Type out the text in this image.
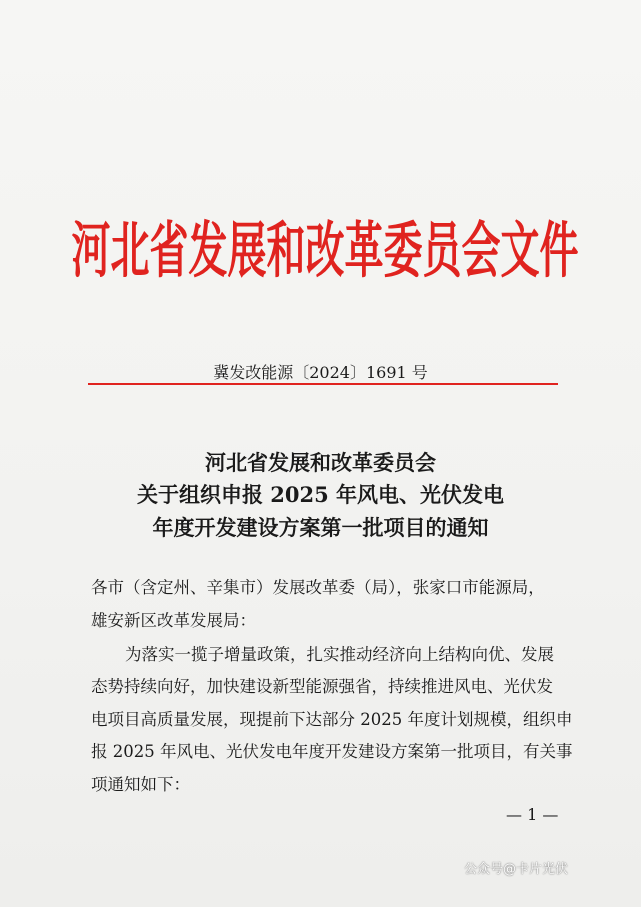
河北省发展和改革委员会文件
冀发改能源〔2024〕1691 号
河北省发展和改革委员会
关于组织申报 2025 年风电、光伏发电
年度开发建设方案第一批项目的通知
各市（含定州、辛集市）发展改革委（局），张家口市能源局，
雄安新区改革发展局：
为落实一揽子增量政策，扎实推动经济向上结构向优、发展
态势持续向好，加快建设新型能源强省，持续推进风电、光伏发
电项目高质量发展，现提前下达部分 2025 年度计划规模，组织申
报 2025 年风电、光伏发电年度开发建设方案第一批项目，有关事
项通知如下：
— 1 —
公众号@卡片光伏
